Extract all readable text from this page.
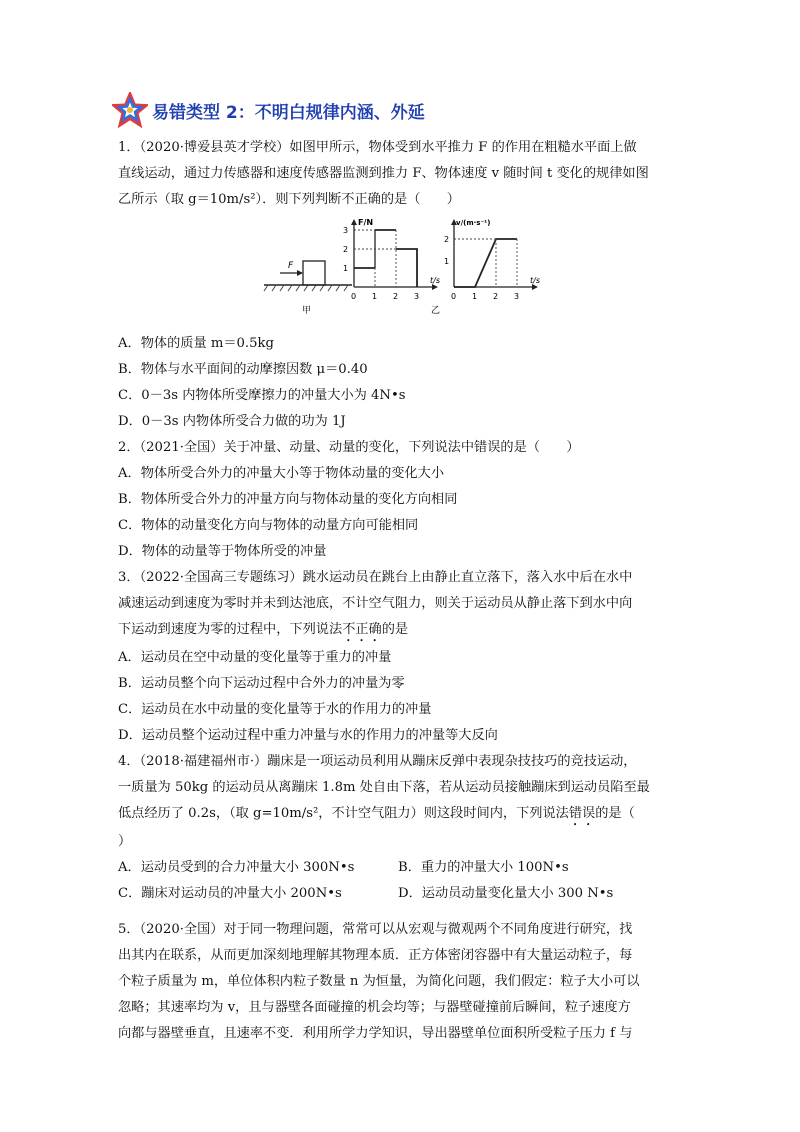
易错类型 2：不明白规律内涵、外延

1．（2020·博爱县英才学校）如图甲所示，物体受到水平推力 F 的作用在粗糙水平面上做

直线运动，通过力传感器和速度传感器监测到推力 F、物体速度 v 随时间 t 变化的规律如图

乙所示（取 g＝10m/s²）．则下列判断不正确的是（　　）

F
甲
F/N
t/s
1
2
3
0 1 2 3
v/(m·s⁻¹)
t/s
1
2
0 1 2 3
乙

A．物体的质量 m＝0.5kg

B．物体与水平面间的动摩擦因数 μ＝0.40

C．0－3s 内物体所受摩擦力的冲量大小为 4N•s

D．0－3s 内物体所受合力做的功为 1J

2．（2021·全国）关于冲量、动量、动量的变化，下列说法中错误的是（　　）

A．物体所受合外力的冲量大小等于物体动量的变化大小

B．物体所受合外力的冲量方向与物体动量的变化方向相同

C．物体的动量变化方向与物体的动量方向可能相同

D．物体的动量等于物体所受的冲量

3．（2022·全国高三专题练习）跳水运动员在跳台上由静止直立落下，落入水中后在水中

减速运动到速度为零时并未到达池底，不计空气阻力，则关于运动员从静止落下到水中向

下运动到速度为零的过程中，下列说法不正确的是

A．运动员在空中动量的变化量等于重力的冲量

B．运动员整个向下运动过程中合外力的冲量为零

C．运动员在水中动量的变化量等于水的作用力的冲量

D．运动员整个运动过程中重力冲量与水的作用力的冲量等大反向

4．（2018·福建福州市·）蹦床是一项运动员利用从蹦床反弹中表现杂技技巧的竞技运动，

一质量为 50kg 的运动员从离蹦床 1.8m 处自由下落，若从运动员接触蹦床到运动员陷至最

低点经历了 0.2s，（取 g=10m/s²，不计空气阻力）则这段时间内，下列说法错误的是（

）

A．运动员受到的合力冲量大小 300N•s	B．重力的冲量大小 100N•s
C．蹦床对运动员的冲量大小 200N•s	D．运动员动量变化量大小 300 N•s

5．（2020·全国）对于同一物理问题，常常可以从宏观与微观两个不同角度进行研究，找

出其内在联系，从而更加深刻地理解其物理本质．正方体密闭容器中有大量运动粒子，每

个粒子质量为 m，单位体积内粒子数量 n 为恒量，为简化问题，我们假定：粒子大小可以

忽略；其速率均为 v，且与器壁各面碰撞的机会均等；与器壁碰撞前后瞬间，粒子速度方

向都与器壁垂直，且速率不变．利用所学力学知识，导出器壁单位面积所受粒子压力 f 与
